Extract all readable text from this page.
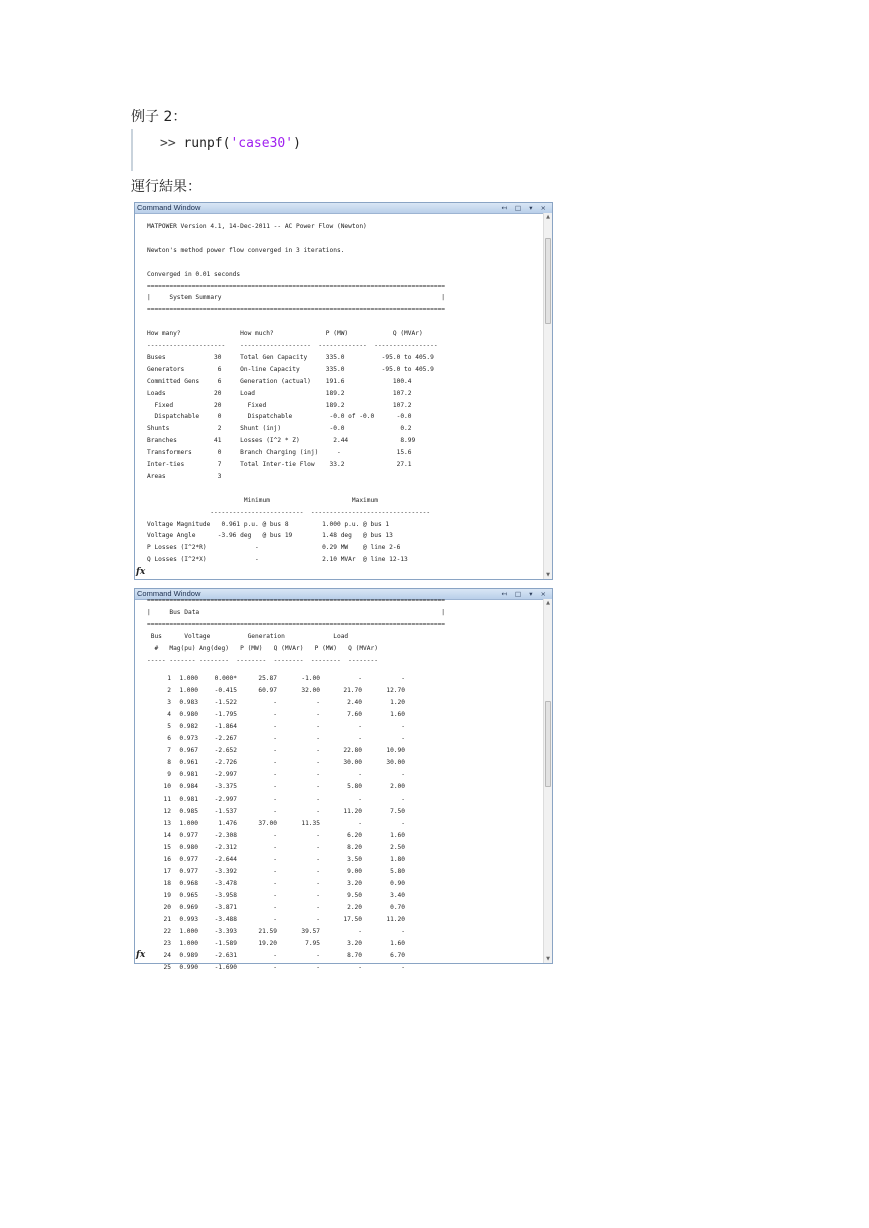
例子 2：
>> runpf('case30')
運行結果：
Command Window	↤ □ ▾ ×
MATPOWER Version 4.1, 14-Dec-2011 -- AC Power Flow (Newton)
Newton's method power flow converged in 3 iterations.
Converged in 0.01 seconds
================================================================================
|     System Summary                                                           |
================================================================================
How many?                How much?              P (MW)            Q (MVAr)
---------------------    -------------------  -------------  -----------------
Buses             30     Total Gen Capacity     335.0          -95.0 to 405.9
Generators         6     On-line Capacity       335.0          -95.0 to 405.9
Committed Gens     6     Generation (actual)    191.6             100.4
Loads             20     Load                   189.2             107.2
Fixed           20       Fixed                189.2             107.2
Dispatchable     0       Dispatchable          -0.0 of -0.0      -0.0
Shunts             2     Shunt (inj)             -0.0               0.2
Branches          41     Losses (I^2 * Z)         2.44              8.99
Transformers       0     Branch Charging (inj)     -               15.6
Inter-ties         7     Total Inter-tie Flow    33.2              27.1
Areas              3
Minimum                      Maximum
-------------------------  --------------------------------
Voltage Magnitude   0.961 p.u. @ bus 8         1.000 p.u. @ bus 1
Voltage Angle      -3.96 deg   @ bus 19        1.48 deg   @ bus 13
P Losses (I^2*R)             -                 0.29 MW    @ line 2-6
Q Losses (I^2*X)             -                 2.10 MVAr  @ line 12-13
▲
▼
fx
Command Window	↤ □ ▾ ×
================================================================================
|     Bus Data                                                                 |
================================================================================
Bus      Voltage          Generation             Load
#   Mag(pu) Ang(deg)   P (MW)   Q (MVAr)   P (MW)   Q (MVAr)
----- ------- --------  --------  --------  --------  --------
1 1.000	0.000*	25.87	-1.00	-	-
2 1.000	-0.415	60.97	32.00	21.70	12.70
3 0.983	-1.522	-	-	2.40	1.20
4 0.980	-1.795	-	-	7.60	1.60
5 0.982	-1.864	-	-	-	-
6 0.973	-2.267	-	-	-	-
7 0.967	-2.652	-	-	22.80	10.90
8 0.961	-2.726	-	-	30.00	30.00
9 0.981	-2.997	-	-	-	-
10 0.984	-3.375	-	-	5.80	2.00
11 0.981	-2.997	-	-	-	-
12 0.985	-1.537	-	-	11.20	7.50
13 1.000	1.476	37.00	11.35	-	-
14 0.977	-2.308	-	-	6.20	1.60
15 0.980	-2.312	-	-	8.20	2.50
16 0.977	-2.644	-	-	3.50	1.80
17 0.977	-3.392	-	-	9.00	5.80
18 0.968	-3.478	-	-	3.20	0.90
19 0.965	-3.958	-	-	9.50	3.40
20 0.969	-3.871	-	-	2.20	0.70
21 0.993	-3.488	-	-	17.50	11.20
22 1.000	-3.393	21.59	39.57	-	-
23 1.000	-1.589	19.20	7.95	3.20	1.60
24 0.989	-2.631	-	-	8.70	6.70
25 0.990	-1.690	-	-	-	-
▲
▼
fx
